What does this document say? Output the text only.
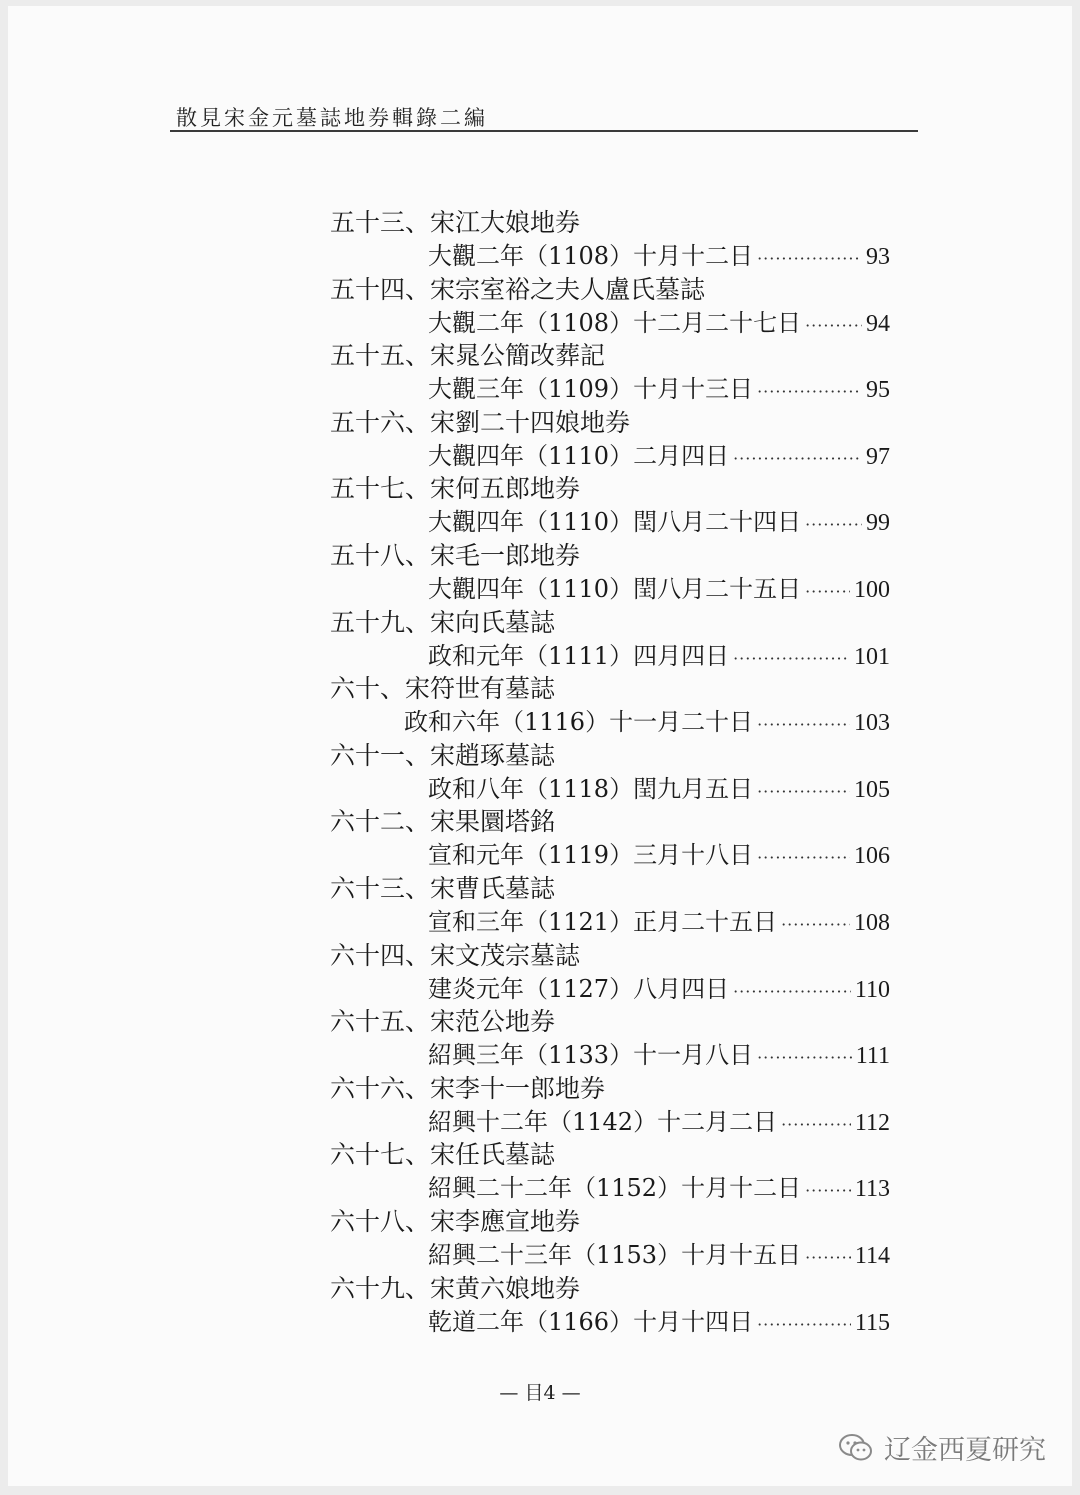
散見宋金元墓誌地券輯錄二編
五十三、宋江大娘地券
大觀二年（1108）十月十二日 ·····	93
五十四、宋宗室裕之夫人盧氏墓誌
大觀二年（1108）十二月二十七日 ·····	94
五十五、宋晁公簡改葬記
大觀三年（1109）十月十三日 ·····	95
五十六、宋劉二十四娘地券
大觀四年（1110）二月四日 ·····	97
五十七、宋何五郎地券
大觀四年（1110）閏八月二十四日 ·····	99
五十八、宋毛一郎地券
大觀四年（1110）閏八月二十五日 ····· 100
五十九、宋向氏墓誌
政和元年（1111）四月四日 ·····	101
六十、宋符世有墓誌
政和六年（1116）十一月二十日 ·····	103
六十一、宋趙琢墓誌
政和八年（1118）閏九月五日 ·····	105
六十二、宋果圜塔銘
宣和元年（1119）三月十八日 ·····	106
六十三、宋曹氏墓誌
宣和三年（1121）正月二十五日 ·····	108
六十四、宋文茂宗墓誌
建炎元年（1127）八月四日 ·····	110
六十五、宋范公地券
紹興三年（1133）十一月八日 ·····	111
六十六、宋李十一郎地券
紹興十二年（1142）十二月二日 ·····	112
六十七、宋任氏墓誌
紹興二十二年（1152）十月十二日 ····· 113
六十八、宋李應宣地券
紹興二十三年（1153）十月十五日 ····· 114
六十九、宋黄六娘地券
乾道二年（1166）十月十四日 ·····	115
— 目4 —
辽金西夏研究
